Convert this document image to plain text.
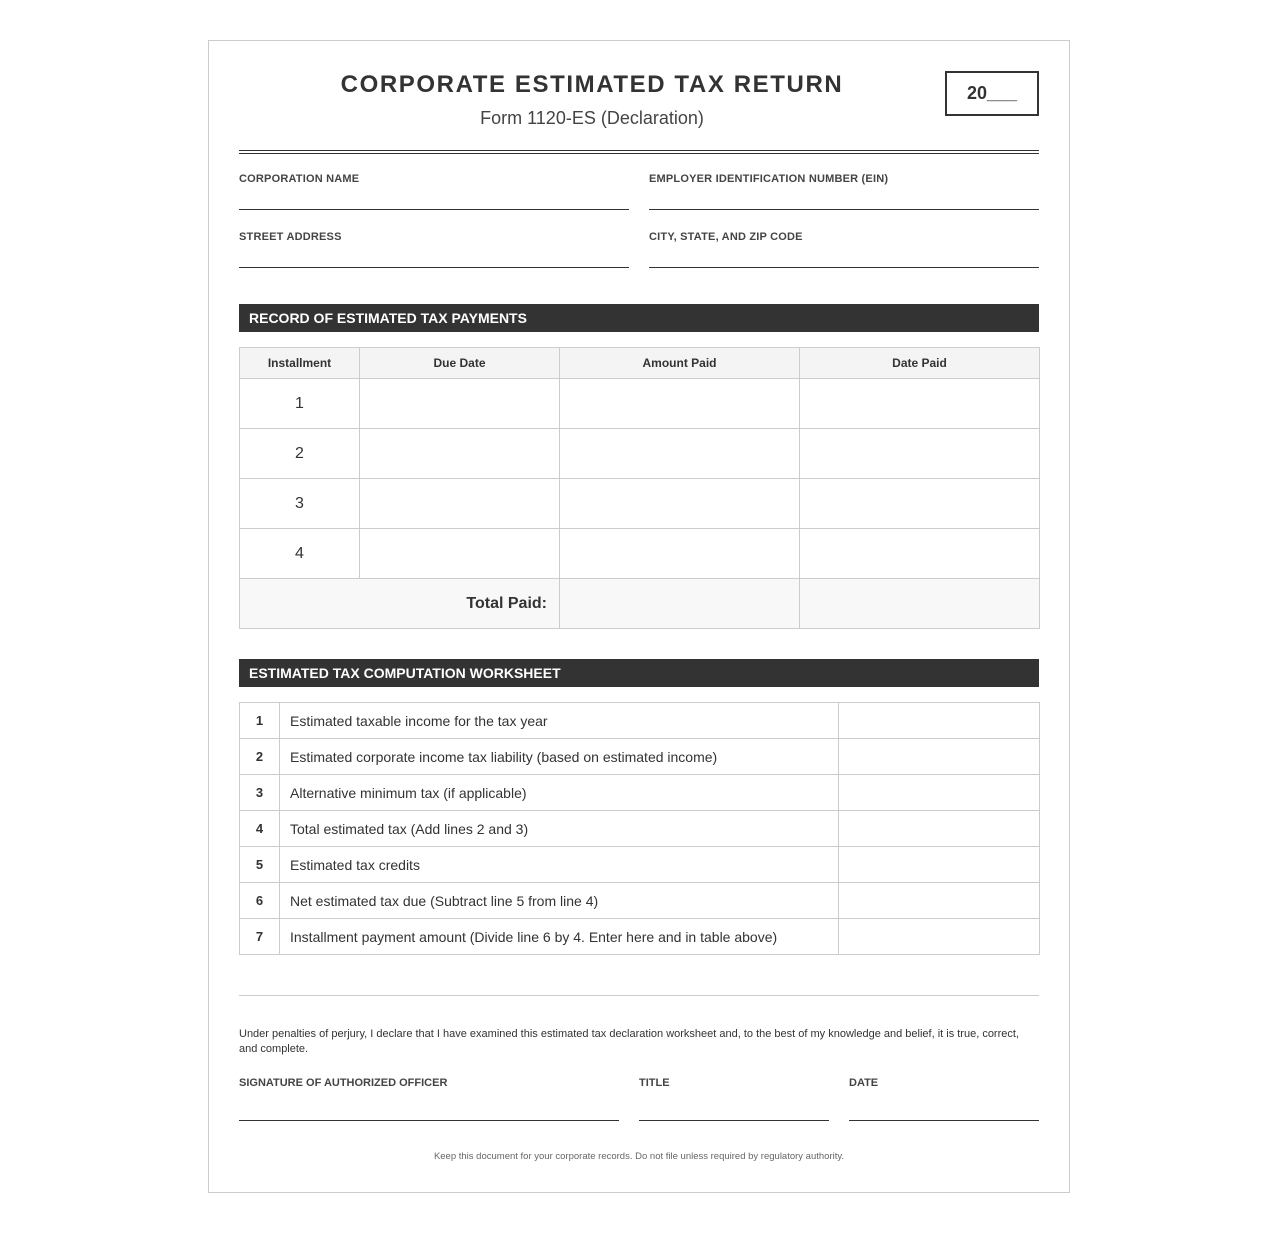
CORPORATE ESTIMATED TAX RETURN
Form 1120-ES (Declaration)
20___
CORPORATION NAME	EMPLOYER IDENTIFICATION NUMBER (EIN)
STREET ADDRESS	CITY, STATE, AND ZIP CODE
RECORD OF ESTIMATED TAX PAYMENTS
Installment	Due Date	Amount Paid	Date Paid
1			
2			
3			
4			
Total Paid:			
ESTIMATED TAX COMPUTATION WORKSHEET
1	Estimated taxable income for the tax year	
2	Estimated corporate income tax liability (based on estimated income)	
3	Alternative minimum tax (if applicable)	
4	Total estimated tax (Add lines 2 and 3)	
5	Estimated tax credits	
6	Net estimated tax due (Subtract line 5 from line 4)	
7	Installment payment amount (Divide line 6 by 4. Enter here and in table above)	
Under penalties of perjury, I declare that I have examined this estimated tax declaration worksheet and, to the best of my knowledge and belief, it is true, correct, and complete.
SIGNATURE OF AUTHORIZED OFFICER	TITLE	DATE
Keep this document for your corporate records. Do not file unless required by regulatory authority.
